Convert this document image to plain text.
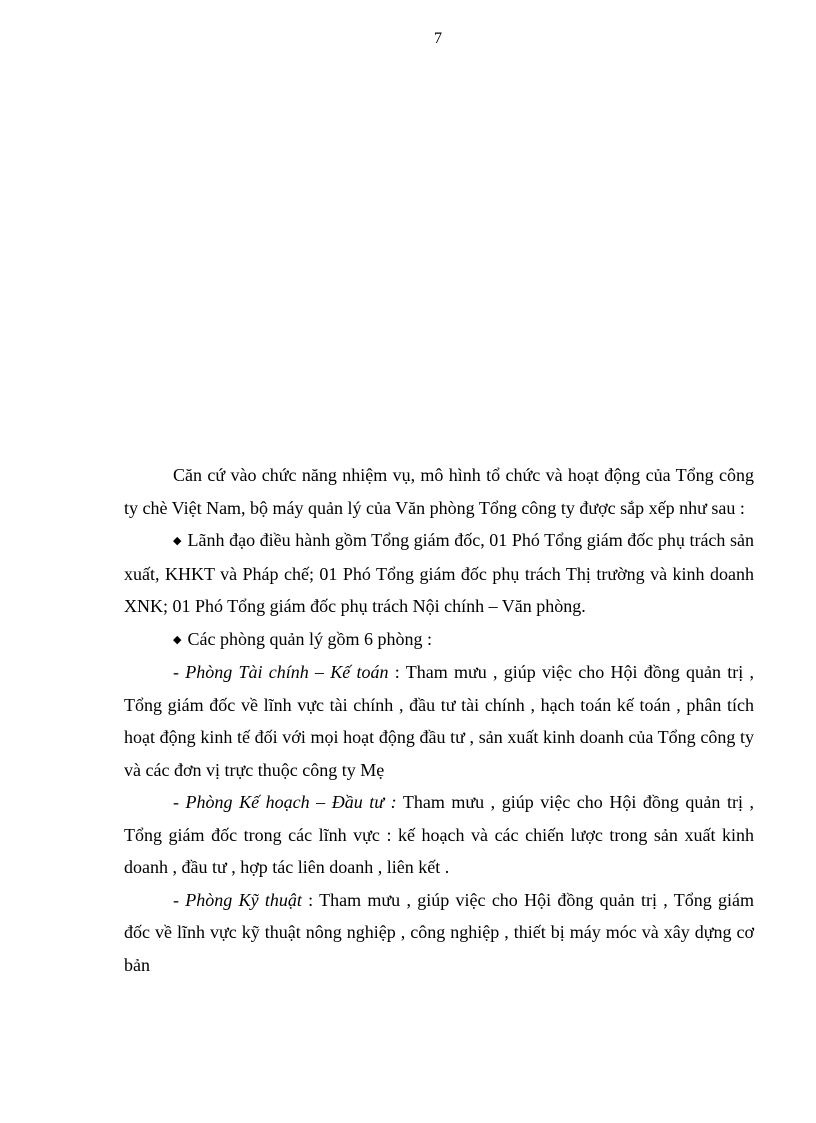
7

Căn cứ vào chức năng nhiệm vụ, mô hình tổ chức và hoạt động của Tổng công ty chè Việt Nam, bộ máy quản lý của Văn phòng Tổng công ty được sắp xếp như sau :

◆ Lãnh đạo điều hành gồm Tổng giám đốc, 01 Phó Tổng giám đốc phụ trách sản xuất, KHKT và Pháp chế; 01 Phó Tổng giám đốc phụ trách Thị trường và kinh doanh XNK; 01 Phó Tổng giám đốc phụ trách Nội chính – Văn phòng.

◆ Các phòng quản lý gồm 6 phòng :

- Phòng Tài chính – Kế toán : Tham mưu , giúp việc cho Hội đồng quản trị , Tổng giám đốc về lĩnh vực tài chính , đầu tư tài chính , hạch toán kế toán , phân tích hoạt động kinh tế đối với mọi hoạt động đầu tư , sản xuất kinh doanh của Tổng công ty và các đơn vị trực thuộc công ty Mẹ

- Phòng Kế hoạch – Đầu tư : Tham mưu , giúp việc cho Hội đồng quản trị , Tổng giám đốc trong các lĩnh vực : kế hoạch và các chiến lược trong sản xuất kinh doanh , đầu tư , hợp tác liên doanh , liên kết .

- Phòng Kỹ thuật : Tham mưu , giúp việc cho Hội đồng quản trị , Tổng giám đốc về lĩnh vực kỹ thuật nông nghiệp , công nghiệp , thiết bị máy móc và xây dựng cơ bản
